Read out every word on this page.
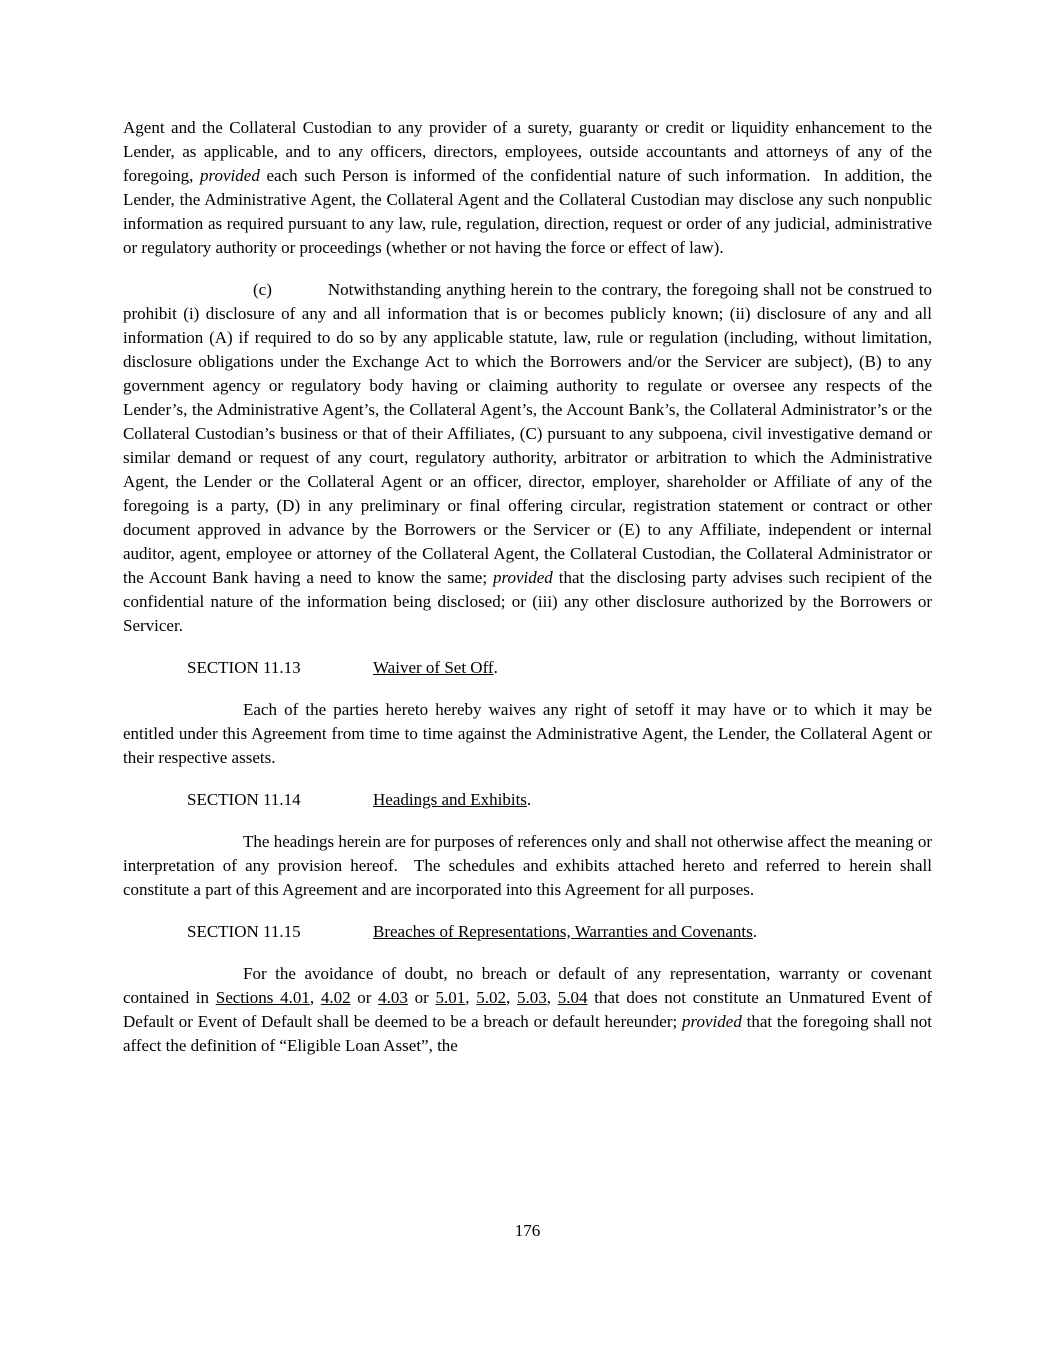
Agent and the Collateral Custodian to any provider of a surety, guaranty or credit or liquidity enhancement to the Lender, as applicable, and to any officers, directors, employees, outside accountants and attorneys of any of the foregoing, provided each such Person is informed of the confidential nature of such information.  In addition, the Lender, the Administrative Agent, the Collateral Agent and the Collateral Custodian may disclose any such nonpublic information as required pursuant to any law, rule, regulation, direction, request or order of any judicial, administrative or regulatory authority or proceedings (whether or not having the force or effect of law).

(c)	Notwithstanding anything herein to the contrary, the foregoing shall not be construed to prohibit (i) disclosure of any and all information that is or becomes publicly known; (ii) disclosure of any and all information (A) if required to do so by any applicable statute, law, rule or regulation (including, without limitation, disclosure obligations under the Exchange Act to which the Borrowers and/or the Servicer are subject), (B) to any government agency or regulatory body having or claiming authority to regulate or oversee any respects of the Lender’s, the Administrative Agent’s, the Collateral Agent’s, the Account Bank’s, the Collateral Administrator’s or the Collateral Custodian’s business or that of their Affiliates, (C) pursuant to any subpoena, civil investigative demand or similar demand or request of any court, regulatory authority, arbitrator or arbitration to which the Administrative Agent, the Lender or the Collateral Agent or an officer, director, employer, shareholder or Affiliate of any of the foregoing is a party, (D) in any preliminary or final offering circular, registration statement or contract or other document approved in advance by the Borrowers or the Servicer or (E) to any Affiliate, independent or internal auditor, agent, employee or attorney of the Collateral Agent, the Collateral Custodian, the Collateral Administrator or the Account Bank having a need to know the same; provided that the disclosing party advises such recipient of the confidential nature of the information being disclosed; or (iii) any other disclosure authorized by the Borrowers or Servicer.

SECTION 11.13	Waiver of Set Off.

Each of the parties hereto hereby waives any right of setoff it may have or to which it may be entitled under this Agreement from time to time against the Administrative Agent, the Lender, the Collateral Agent or their respective assets.

SECTION 11.14	Headings and Exhibits.

The headings herein are for purposes of references only and shall not otherwise affect the meaning or interpretation of any provision hereof.  The schedules and exhibits attached hereto and referred to herein shall constitute a part of this Agreement and are incorporated into this Agreement for all purposes.

SECTION 11.15	Breaches of Representations, Warranties and Covenants.

For the avoidance of doubt, no breach or default of any representation, warranty or covenant contained in Sections 4.01, 4.02 or 4.03 or 5.01, 5.02, 5.03, 5.04 that does not constitute an Unmatured Event of Default or Event of Default shall be deemed to be a breach or default hereunder; provided that the foregoing shall not affect the definition of “Eligible Loan Asset”, the

176
